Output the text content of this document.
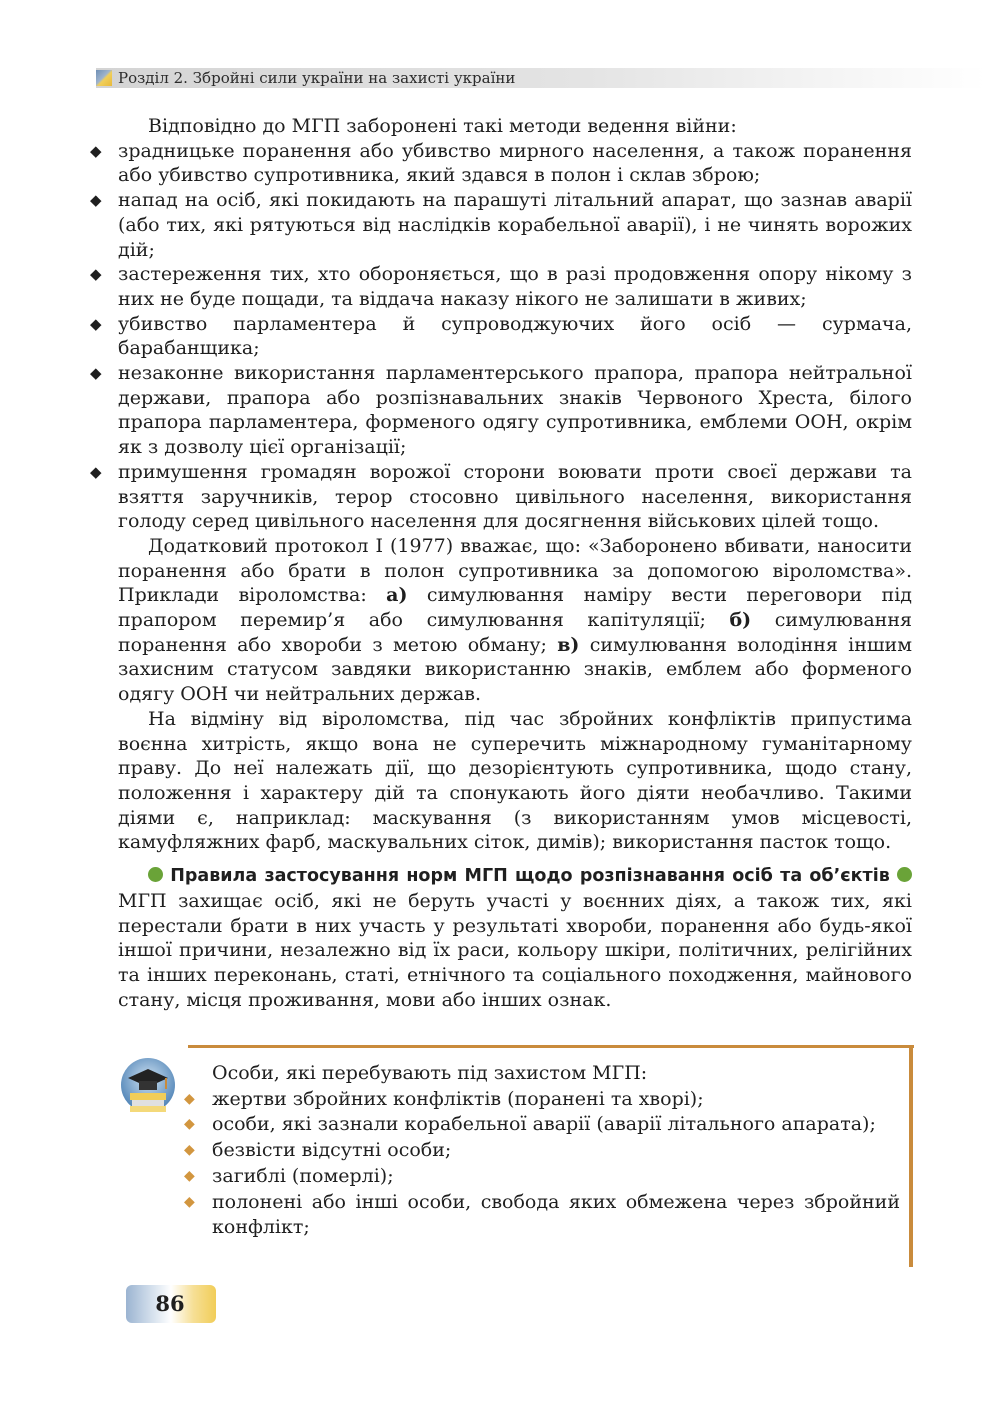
Розділ 2. Збройні сили україни на захисті україни

Відповідно до МГП заборонені такі методи ведення війни:

◆ зрадницьке поранення або убивство мирного населення, а також поранення або убивство супротивника, який здався в полон і склав зброю;
◆ напад на осіб, які покидають на парашуті літальний апарат, що зазнав аварії (або тих, які рятуються від наслідків корабельної аварії), і не чинять ворожих дій;
◆ застереження тих, хто обороняється, що в разі продовження опору нікому з них не буде пощади, та віддача наказу нікого не залишати в живих;
◆ убивство парламентера й супроводжуючих його осіб — сурмача, барабанщика;
◆ незаконне використання парламентерського прапора, прапора нейтральної держави, прапора або розпізнавальних знаків Червоного Хреста, білого прапора парламентера, форменого одягу супротивника, емблеми ООН, окрім як з дозволу цієї організації;
◆ примушення громадян ворожої сторони воювати проти своєї держави та взяття заручників, терор стосовно цивільного населення, використання голоду серед цивільного населення для досягнення військових цілей тощо.

Додатковий протокол І (1977) вважає, що: «Заборонено вбивати, наносити поранення або брати в полон супротивника за допомогою віроломства». Приклади віроломства: а) симулювання наміру вести переговори під прапором перемир’я або симулювання капітуляції; б) симулювання поранення або хвороби з метою обману; в) симулювання володіння іншим захисним статусом завдяки використанню знаків, емблем або форменого одягу ООН чи нейтральних держав.

На відміну від віроломства, під час збройних конфліктів припустима воєнна хитрість, якщо вона не суперечить міжнародному гуманітарному праву. До неї належать дії, що дезорієнтують супротивника, щодо стану, положення і характеру дій та спонукають його діяти необачливо. Такими діями є, наприклад: маскування (з використанням умов місцевості, камуфляжних фарб, маскувальних сіток, димів); використання пасток тощо.

Правила застосування норм МГП щодо розпізнавання осіб та об’єктів  МГП захищає осіб, які не беруть участі у воєнних діях, а також тих, які перестали брати в них участь у результаті хвороби, поранення або будь-якої іншої причини, незалежно від їх раси, кольору шкіри, політичних, релігійних та інших переконань, статі, етнічного та соціального походження, майнового стану, місця проживання, мови або інших ознак.

Особи, які перебувають під захистом МГП:
◆ жертви збройних конфліктів (поранені та хворі);
◆ особи, які зазнали корабельної аварії (аварії літального апарата);
◆ безвісти відсутні особи;
◆ загиблі (померлі);
◆ полонені або інші особи, свобода яких обмежена через збройний конфлікт;
86
